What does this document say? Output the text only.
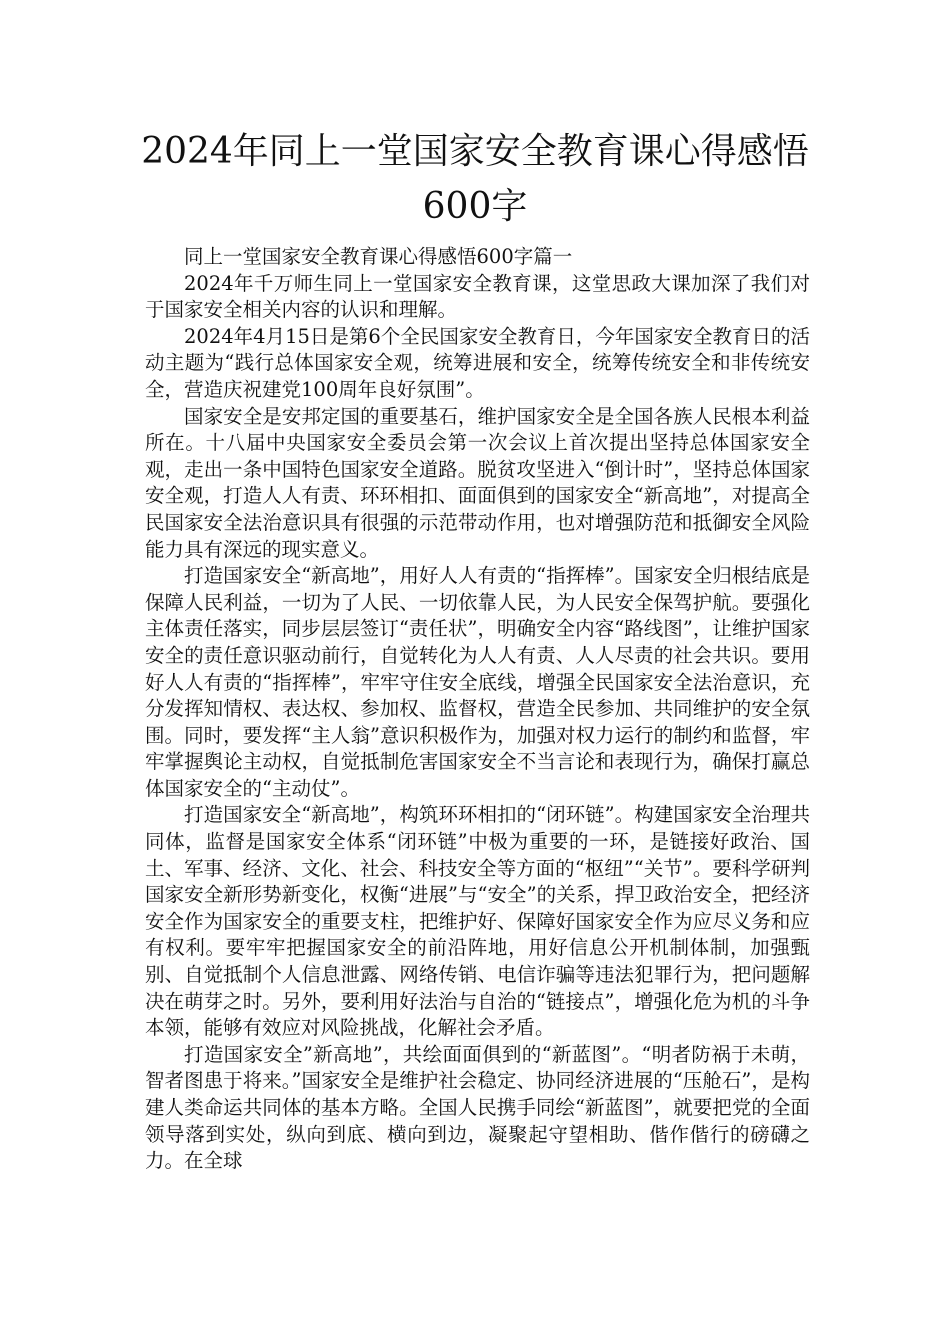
2024年同上一堂国家安全教育课心得感悟
600字

同上一堂国家安全教育课心得感悟600字篇一

2024年千万师生同上一堂国家安全教育课，这堂思政大课加深了我们对于国家安全相关内容的认识和理解。

2024年4月15日是第6个全民国家安全教育日，今年国家安全教育日的活动主题为“践行总体国家安全观，统筹进展和安全，统筹传统安全和非传统安全，营造庆祝建党100周年良好氛围”。

国家安全是安邦定国的重要基石，维护国家安全是全国各族人民根本利益所在。十八届中央国家安全委员会第一次会议上首次提出坚持总体国家安全观，走出一条中国特色国家安全道路。脱贫攻坚进入“倒计时”，坚持总体国家安全观，打造人人有责、环环相扣、面面俱到的国家安全“新高地”，对提高全民国家安全法治意识具有很强的示范带动作用，也对增强防范和抵御安全风险能力具有深远的现实意义。

打造国家安全“新高地”，用好人人有责的“指挥棒”。国家安全归根结底是保障人民利益，一切为了人民、一切依靠人民，为人民安全保驾护航。要强化主体责任落实，同步层层签订“责任状”，明确安全内容“路线图”，让维护国家安全的责任意识驱动前行，自觉转化为人人有责、人人尽责的社会共识。要用好人人有责的“指挥棒”，牢牢守住安全底线，增强全民国家安全法治意识，充分发挥知情权、表达权、参加权、监督权，营造全民参加、共同维护的安全氛围。同时，要发挥“主人翁”意识积极作为，加强对权力运行的制约和监督，牢牢掌握舆论主动权，自觉抵制危害国家安全不当言论和表现行为，确保打赢总体国家安全的“主动仗”。

打造国家安全“新高地”，构筑环环相扣的“闭环链”。构建国家安全治理共同体，监督是国家安全体系“闭环链”中极为重要的一环，是链接好政治、国土、军事、经济、文化、社会、科技安全等方面的“枢纽”“关节”。要科学研判国家安全新形势新变化，权衡“进展”与“安全”的关系，捍卫政治安全，把经济安全作为国家安全的重要支柱，把维护好、保障好国家安全作为应尽义务和应有权利。要牢牢把握国家安全的前沿阵地，用好信息公开机制体制，加强甄别、自觉抵制个人信息泄露、网络传销、电信诈骗等违法犯罪行为，把问题解决在萌芽之时。另外，要利用好法治与自治的“链接点”，增强化危为机的斗争本领，能够有效应对风险挑战，化解社会矛盾。

打造国家安全”新高地”，共绘面面俱到的“新蓝图”。“明者防祸于未萌，智者图患于将来。”国家安全是维护社会稳定、协同经济进展的“压舱石”，是构建人类命运共同体的基本方略。全国人民携手同绘“新蓝图”，就要把党的全面领导落到实处，纵向到底、横向到边，凝聚起守望相助、偕作偕行的磅礴之力。在全球
